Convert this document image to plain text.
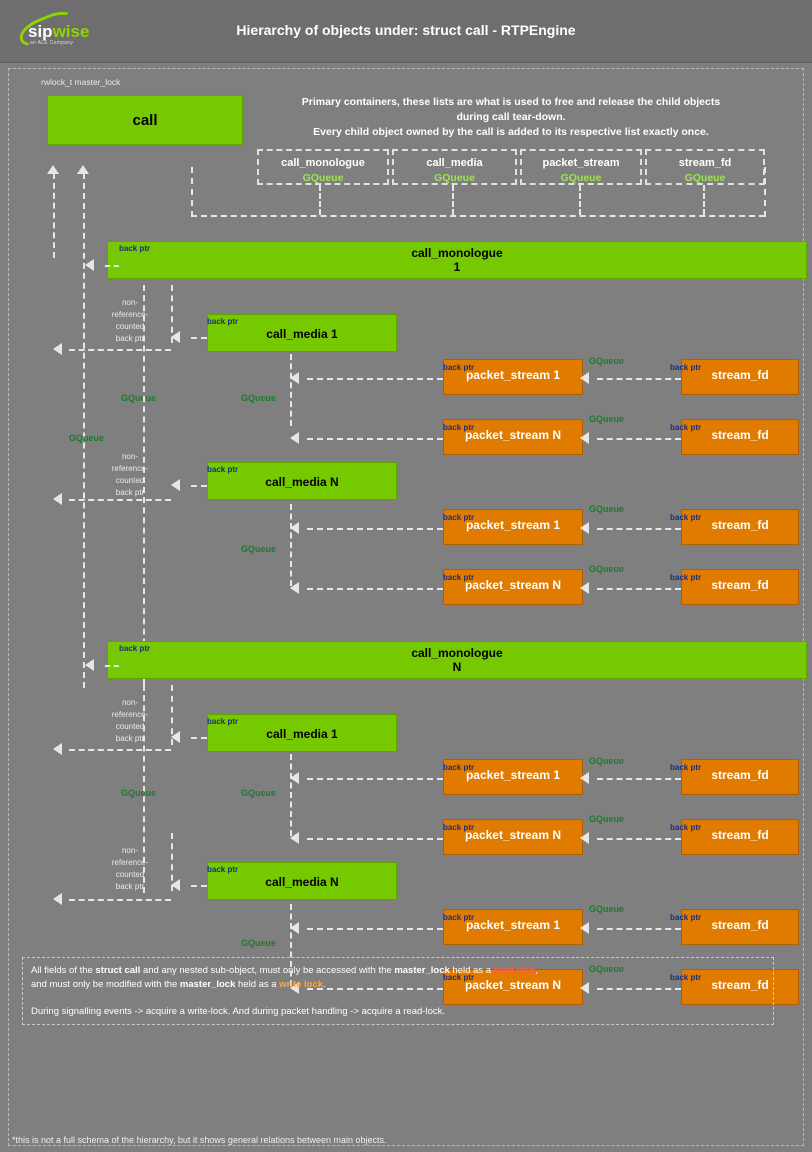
sipwise
an ALE Company
Hierarchy of objects under: struct call - RTPEngine
rwlock_t master_lock
call
Primary containers, these lists are what is used to free and release the child objects
during call tear-down.
Every child object owned by the call is added to its respective list exactly once.
call_monologue
GQueue
call_media
GQueue
packet_stream
GQueue
stream_fd
GQueue
call_monologue
1
back ptr
call_media 1
back ptr
non-
reference-
counted
back ptr
GQueue
GQueue
packet_stream 1
back ptr
stream_fd
back ptr
GQueue
GQueue
packet_stream N
back ptr
stream_fd
back ptr
GQueue
call_media N
back ptr
non-
reference-
counted
back ptr
packet_stream 1
back ptr
stream_fd
back ptr
GQueue
GQueue
packet_stream N
back ptr
stream_fd
back ptr
GQueue
call_monologue
N
back ptr
call_media 1
back ptr
non-
reference-
counted
back ptr
GQueue
packet_stream 1
back ptr
stream_fd
back ptr
GQueue
GQueue
packet_stream N
back ptr
stream_fd
back ptr
GQueue
call_media N
back ptr
non-
reference-
counted
back ptr
packet_stream 1
back ptr
stream_fd
back ptr
GQueue
GQueue
packet_stream N
back ptr
stream_fd
back ptr
GQueue
All fields of the struct call and any nested sub-object, must only be accessed with the master_lock held as a read lock,
and must only be modified with the master_lock held as a write lock.
During signalling events -> acquire a write-lock. And during packet handling -> acquire a read-lock.
*this is not a full schema of the hierarchy, but it shows general relations between main objects.
